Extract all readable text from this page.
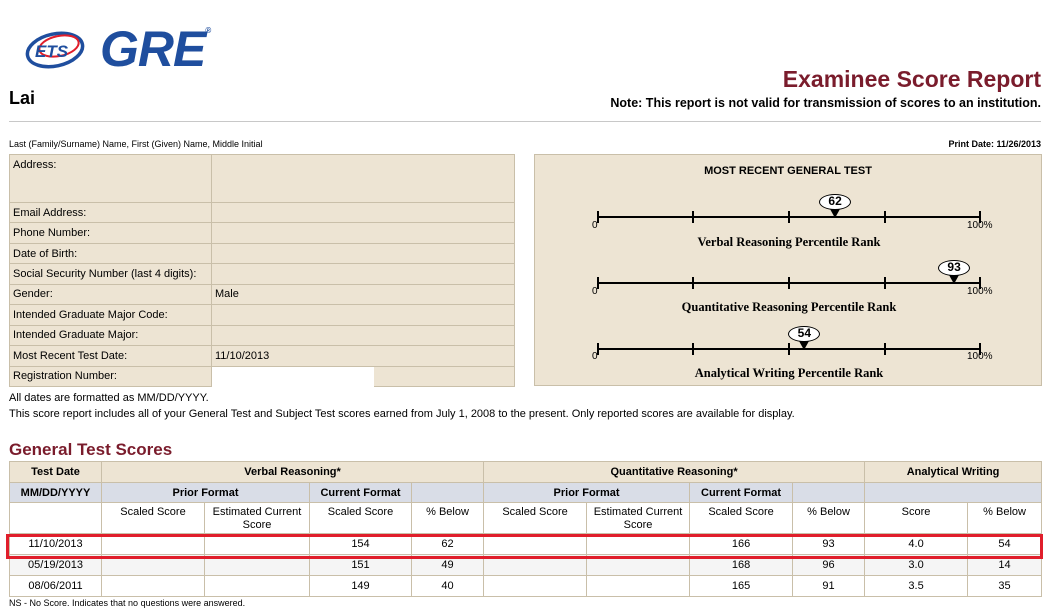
ETS GRE®
Examinee Score Report
Note: This report is not valid for transmission of scores to an institution.
Lai
Last (Family/Surname) Name, First (Given) Name, Middle Initial	Print Date: 11/26/2013
Address:	
Email Address:	
Phone Number:	
Date of Birth:	
Social Security Number (last 4 digits):	
Gender:	Male
Intended Graduate Major Code:	
Intended Graduate Major:	
Most Recent Test Date:	11/10/2013
Registration Number:	
MOST RECENT GENERAL TEST
0	100%
62
Verbal Reasoning Percentile Rank
0	100%
93
Quantitative Reasoning Percentile Rank
0	100%
54
Analytical Writing Percentile Rank
All dates are formatted as MM/DD/YYYY.
This score report includes all of your General Test and Subject Test scores earned from July 1, 2008 to the present. Only reported scores are available for display.
General Test Scores
Test Date	Verbal Reasoning*				Quantitative Reasoning*				Analytical Writing	
MM/DD/YYYY	Prior Format		Current Format		Prior Format		Current Format			
	Scaled Score	Estimated Current Score	Scaled Score	% Below	Scaled Score	Estimated Current Score	Scaled Score	% Below	Score	% Below
11/10/2013			154	62			166	93	4.0	54
05/19/2013			151	49			168	96	3.0	14
08/06/2011			149	40			165	91	3.5	35
NS - No Score. Indicates that no questions were answered.
